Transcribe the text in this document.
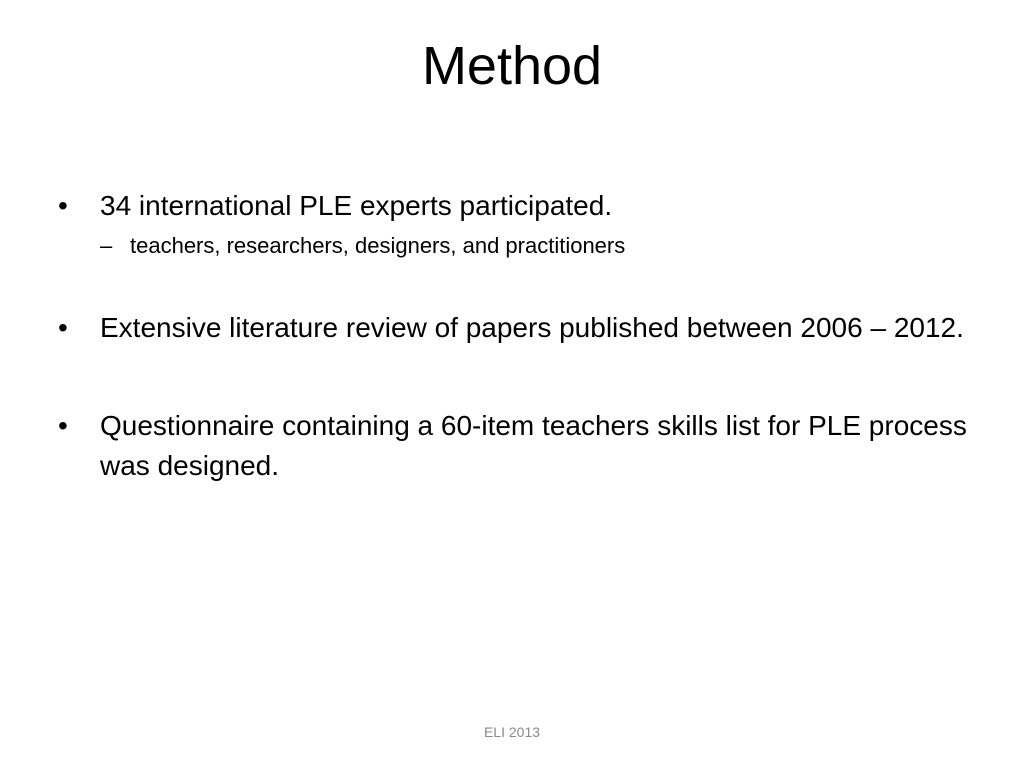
Method
•	34 international PLE experts participated.
– teachers, researchers, designers, and practitioners
•	Extensive literature review of papers published between 2006 – 2012.
•	Questionnaire containing a 60-item teachers skills list for PLE process was designed.
ELI 2013
